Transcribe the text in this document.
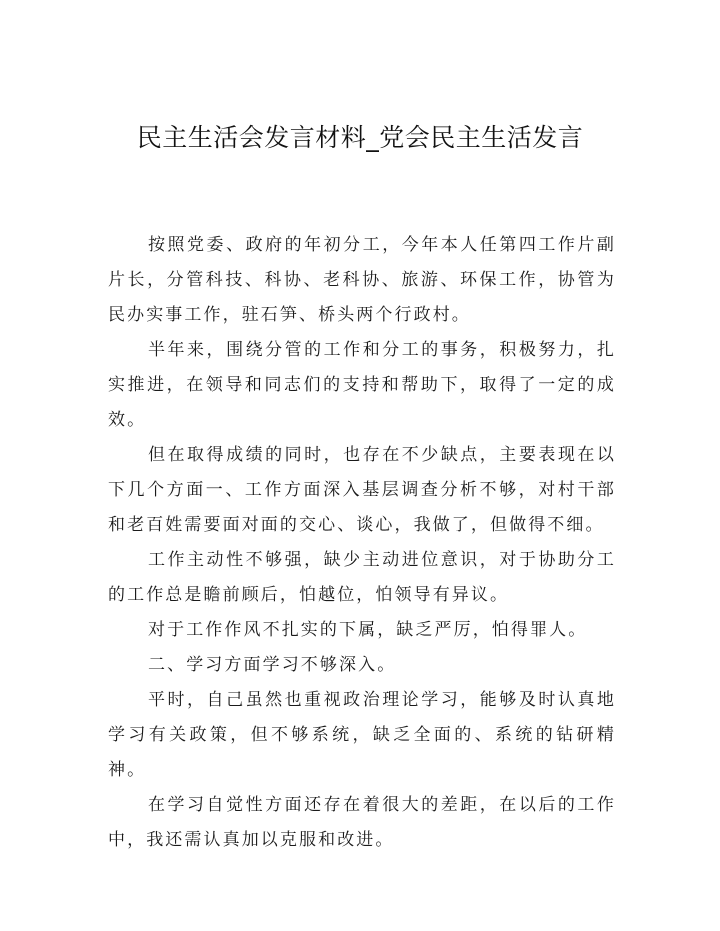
民主生活会发言材料_党会民主生活发言

按照党委、政府的年初分工，今年本人任第四工作片副片长，分管科技、科协、老科协、旅游、环保工作，协管为民办实事工作，驻石笋、桥头两个行政村。

半年来，围绕分管的工作和分工的事务，积极努力，扎实推进，在领导和同志们的支持和帮助下，取得了一定的成效。

但在取得成绩的同时，也存在不少缺点，主要表现在以下几个方面一、工作方面深入基层调查分析不够，对村干部和老百姓需要面对面的交心、谈心，我做了，但做得不细。

工作主动性不够强，缺少主动进位意识，对于协助分工的工作总是瞻前顾后，怕越位，怕领导有异议。

对于工作作风不扎实的下属，缺乏严厉，怕得罪人。

二、学习方面学习不够深入。

平时，自己虽然也重视政治理论学习，能够及时认真地学习有关政策，但不够系统，缺乏全面的、系统的钻研精神。

在学习自觉性方面还存在着很大的差距，在以后的工作中，我还需认真加以克服和改进。
